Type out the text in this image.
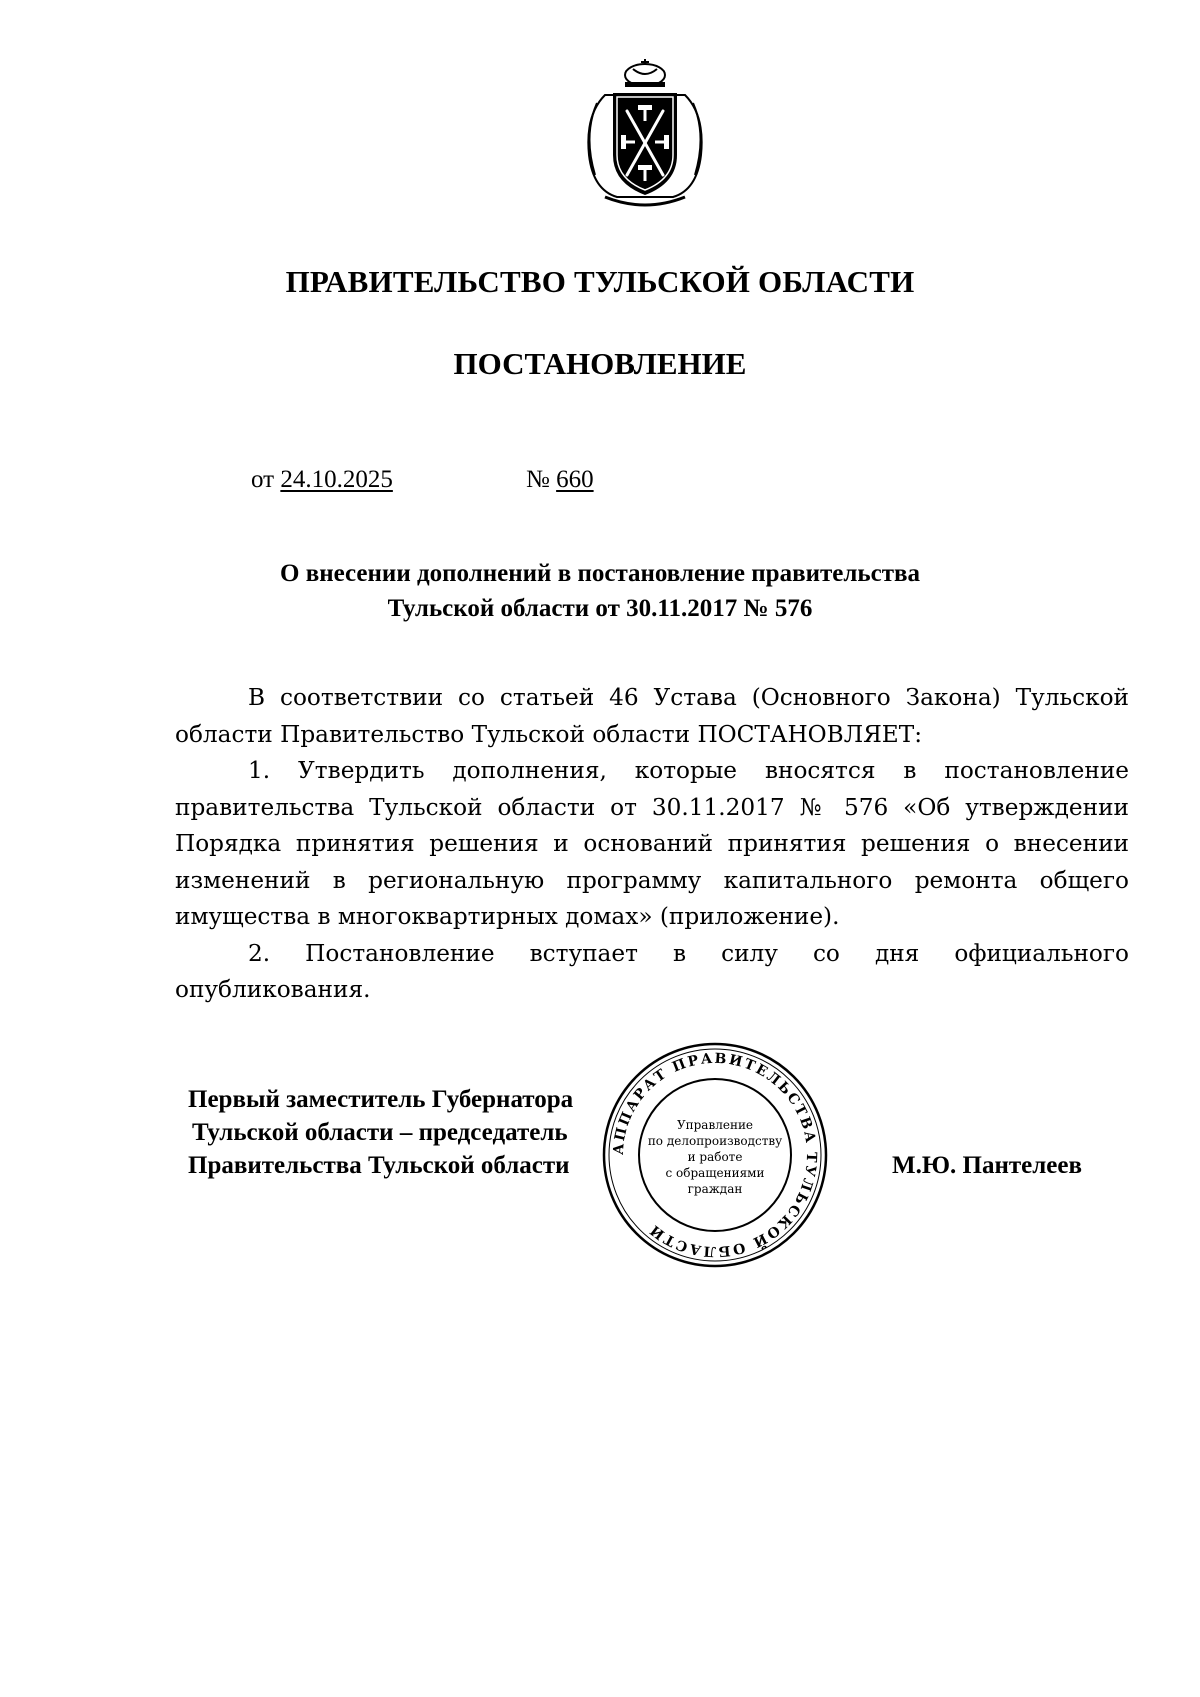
ПРАВИТЕЛЬСТВО ТУЛЬСКОЙ ОБЛАСТИ
ПОСТАНОВЛЕНИЕ
от 24.10.2025	№ 660
О внесении дополнений в постановление правительства
Тульской области от 30.11.2017 № 576

В соответствии со статьей 46 Устава (Основного Закона) Тульской области Правительство Тульской области ПОСТАНОВЛЯЕТ:

1. Утвердить дополнения, которые вносятся в постановление правительства Тульской области от 30.11.2017 № 576 «Об утверждении Порядка принятия решения и оснований принятия решения о внесении изменений в региональную программу капитального ремонта общего имущества в многоквартирных домах» (приложение).

2. Постановление вступает в силу со дня официального опубликования.

Первый заместитель Губернатора
Тульской области – председатель
Правительства Тульской области	М.Ю. Пантелеев
АППАРАТ ПРАВИТЕЛЬСТВА ТУЛЬСКОЙ ОБЛАСТИ
Управление
по делопроизводству
и работе
с обращениями
граждан
